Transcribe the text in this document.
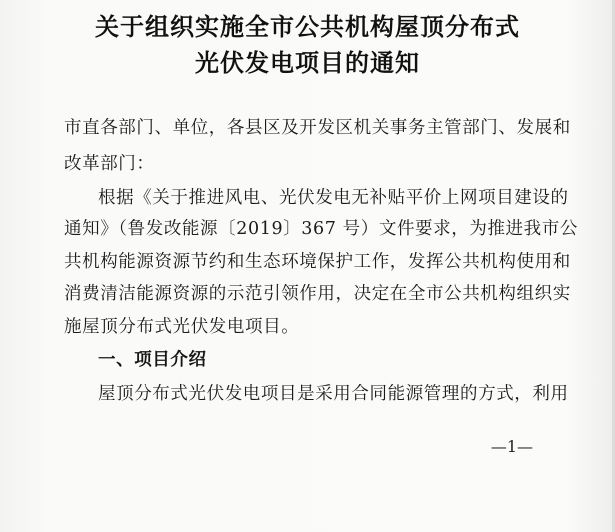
关于组织实施全市公共机构屋顶分布式
光伏发电项目的通知
市直各部门、单位，各县区及开发区机关事务主管部门、发展和
改革部门：
根据《关于推进风电、光伏发电无补贴平价上网项目建设的
通知》（鲁发改能源〔2019〕367 号）文件要求，为推进我市公
共机构能源资源节约和生态环境保护工作，发挥公共机构使用和
消费清洁能源资源的示范引领作用，决定在全市公共机构组织实
施屋顶分布式光伏发电项目。
一、项目介绍
屋顶分布式光伏发电项目是采用合同能源管理的方式，利用
—1—
